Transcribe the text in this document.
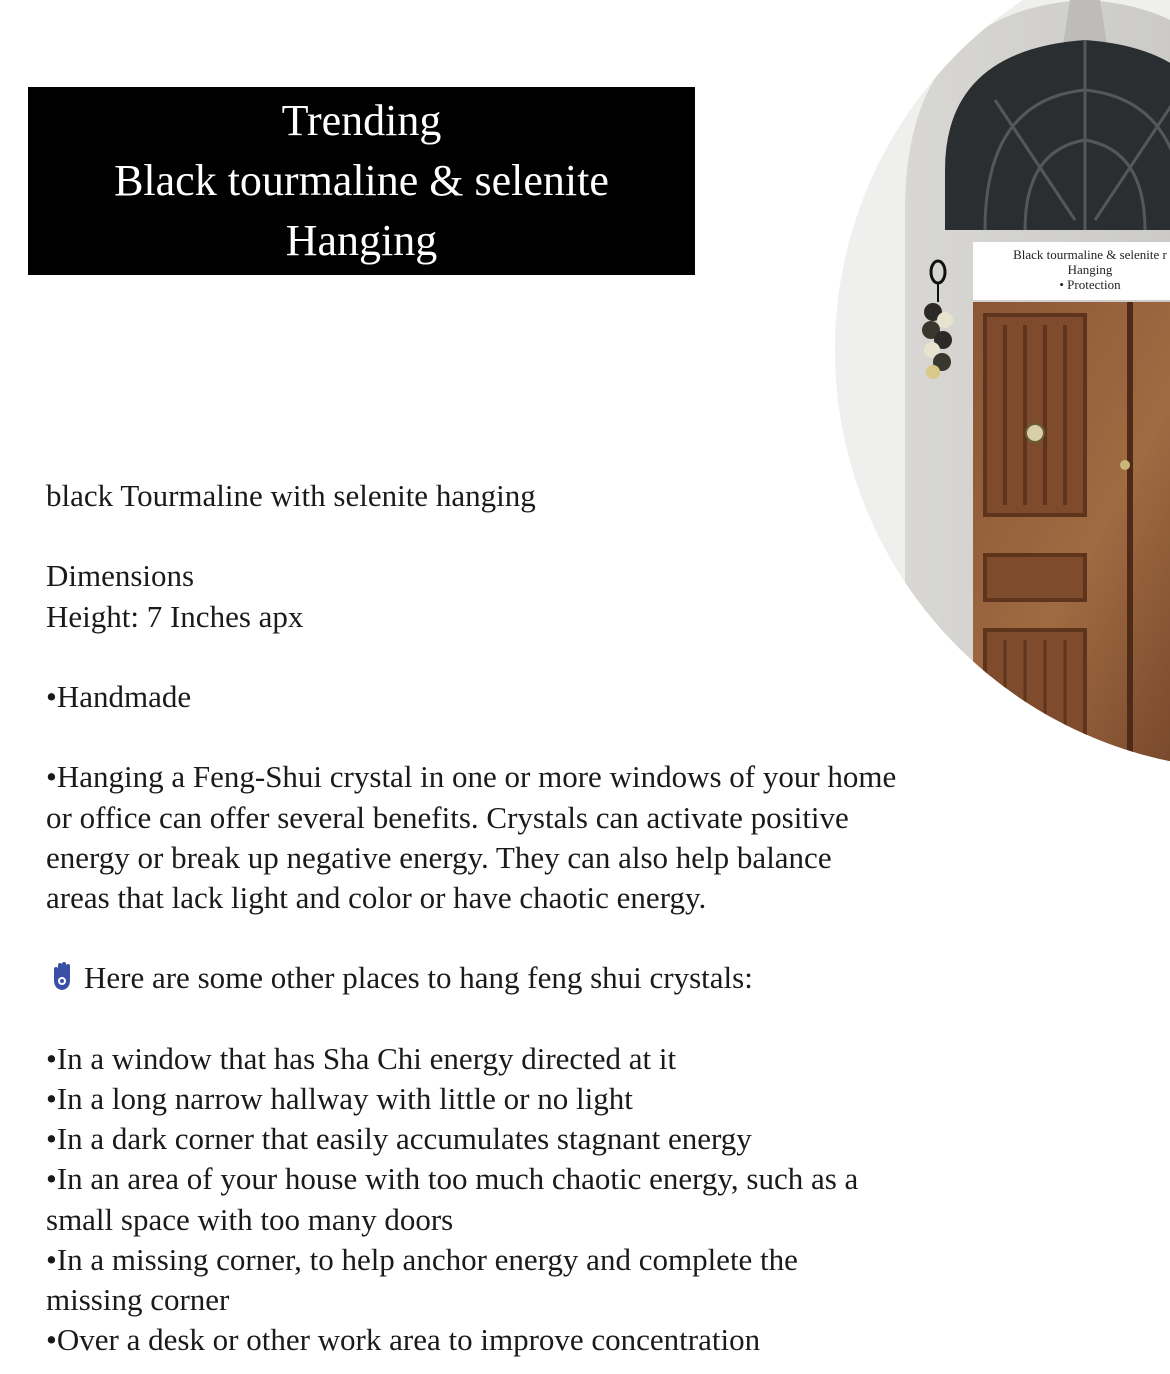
Trending
Black tourmaline & selenite
Hanging	Black tourmaline & selenite r
Hanging
• Protection

black Tourmaline with selenite hanging

Dimensions

Height: 7 Inches apx

•Handmade

•Hanging a Feng-Shui crystal in one or more windows of your home

or office can offer several benefits. Crystals can activate positive

energy or break up negative energy. They can also help balance

areas that lack light and color or have chaotic energy.

Here are some other places to hang feng shui crystals:

•In a window that has Sha Chi energy directed at it

•In a long narrow hallway with little or no light

•In a dark corner that easily accumulates stagnant energy

•In an area of your house with too much chaotic energy, such as a

small space with too many doors

•In a missing corner, to help anchor energy and complete the

missing corner

•Over a desk or other work area to improve concentration
